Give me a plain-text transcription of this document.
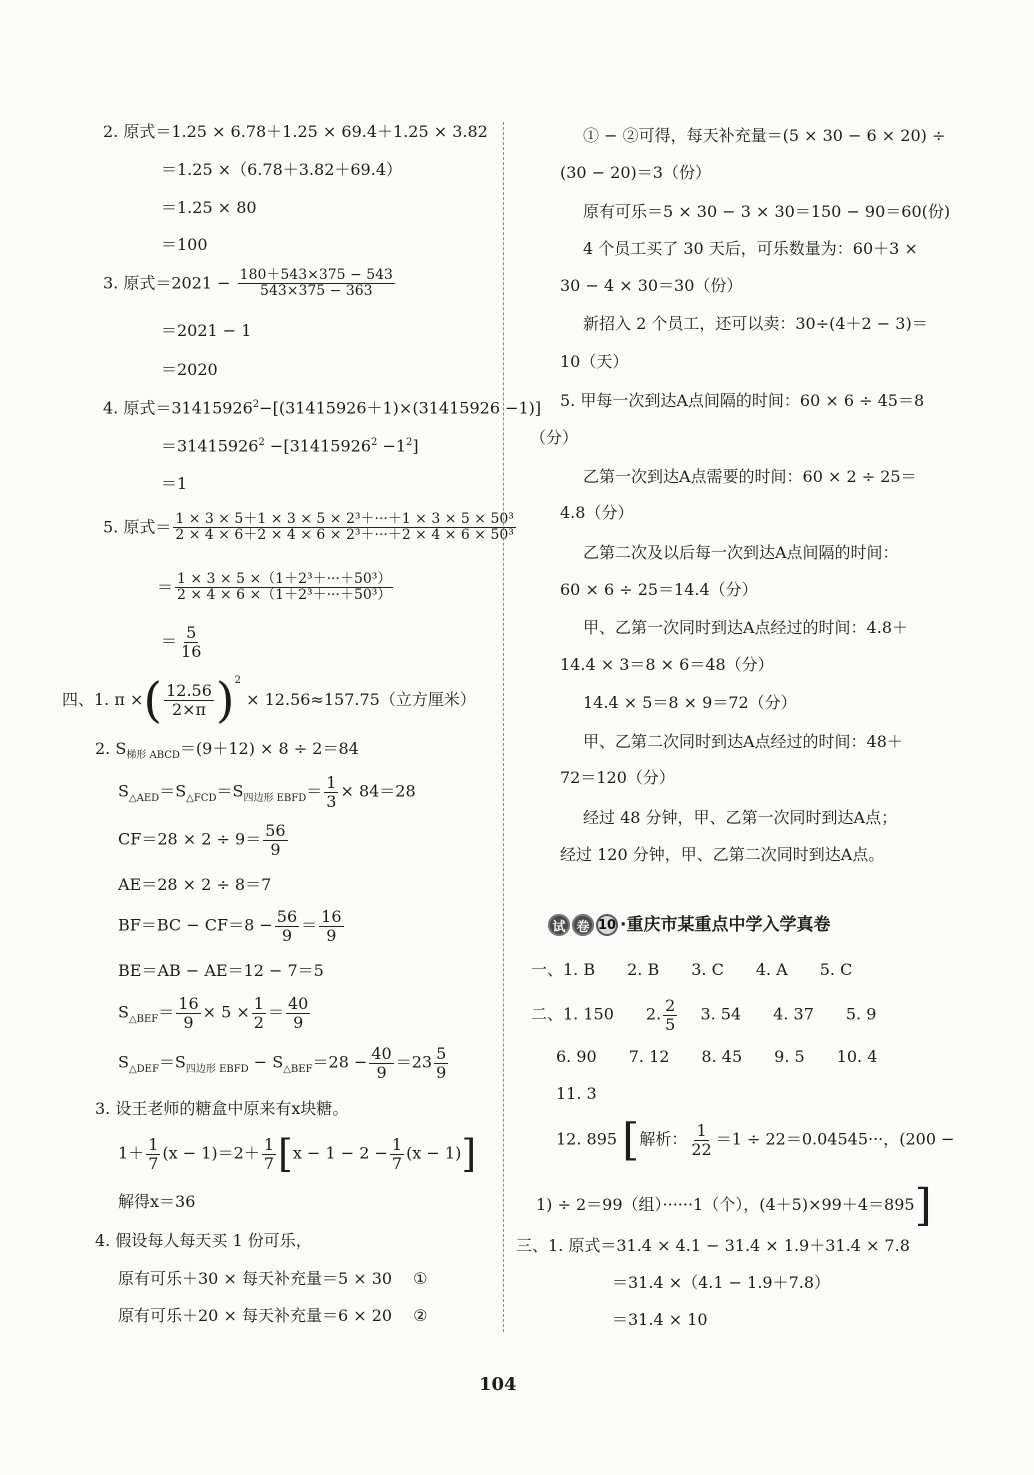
2. 原式＝1.25 × 6.78＋1.25 × 69.4＋1.25 × 3.82
＝1.25 ×（6.78＋3.82＋69.4）
＝1.25 × 80
＝100
3. 原式$=2021 - \frac{180+543\times 375 - 543}{543\times 375 - 363}$
＝2021 − 1
＝2020
4. 原式$=31415926^2-[(31415926+1)\times(31415926 -1)]$
$=31415926^2 -[31415926^2 -1^2]$
＝1
5. 原式＝ $\frac{\text{1 × 3 × 5＋1 × 3 × 5 × 2³＋···＋1 × 3 × 5 × 50³}}{\text{2 × 4 × 6＋2 × 4 × 6 × 2³＋···＋2 × 4 × 6 × 50³}}$
＝ $\frac{\text{1 × 3 × 5 ×（1＋2³＋···＋50³）}}{\text{2 × 4 × 6 ×（1＋2³＋···＋50³）}}$
＝ $\frac{5}{16}$
四、1. π ×( $\frac{12.56}{2\times\pi} )^2 \times 12.56\approx 157.75$（立方厘米）
2. $S_{梯形 ABCD}=(9+12) \times 8 \div 2=84$
$S_{\triangle AED}=S_{\triangle FCD}=S_{四边形 EBFD}= \frac{1}{3} \times 84=28$
$CF=28 \times 2 \div 9= \frac{56}{9}$
AE＝28 × 2 ÷ 8＝7
$BF=BC - CF=8 - \frac{56}{9} = \frac{16}{9}$
BE＝AB − AE＝12 − 7＝5
$S_{\triangle BEF}= \frac{16}{9} \times 5 \times \frac{1}{2} = \frac{40}{9}$
$S_{\triangle DEF}=S_{四边形 EBFD} - S_{\triangle BEF}=28 - \frac{40}{9} =23 \frac{5}{9}$
3. 设王老师的糖盒中原来有x块糖。
$1+ \frac{1}{7} (x - 1)=2+ \frac{1}{7} [x - 1 - 2 - \frac{1}{7} (x - 1)]$
解得x＝36
4. 假设每人每天买 1 份可乐，
原有可乐＋30 × 每天补充量＝5 × 30 ①
原有可乐＋20 × 每天补充量＝6 × 20 ②
① − ②可得，每天补充量＝(5 × 30 − 6 × 20) ÷
(30 − 20)＝3（份）
原有可乐＝5 × 30 − 3 × 30＝150 − 90＝60(份)
4 个员工买了 30 天后，可乐数量为：60＋3 ×
30 − 4 × 30＝30（份）
新招入 2 个员工，还可以卖：30÷(4＋2 − 3)＝
10（天）
5. 甲每一次到达A点间隔的时间：60 × 6 ÷ 45＝8
（分）
乙第一次到达A点需要的时间：60 × 2 ÷ 25＝
4.8（分）
乙第二次及以后每一次到达A点间隔的时间：
60 × 6 ÷ 25＝14.4（分）
甲、乙第一次同时到达A点经过的时间：4.8＋
14.4 × 3＝8 × 6＝48（分）
14.4 × 5＝8 × 9＝72（分）
甲、乙第二次同时到达A点经过的时间：48＋
72＝120（分）
经过 48 分钟，甲、乙第一次同时到达A点；
经过 120 分钟，甲、乙第二次同时到达A点。
一、1. B　　2. B　　3. C　　4. A　　5. C
二、1. 150　　2. $\frac{2}{5}$ 　 3. 54　　4. 37　　5. 9
6. 90　　7. 12　　8. 45　　9. 5　　10. 4
11. 3
12. 895 [解析： $\frac{1}{22} =1 \div 22=0.04545\cdot\cdot\cdot$，(200 −
1) ÷ 2＝99（组）······1（个），(4＋5)×99＋4＝895]
三、1. 原式＝31.4 × 4.1 − 31.4 × 1.9＋31.4 × 7.8
＝31.4 ×（4.1 − 1.9＋7.8）
＝31.4 × 10
试 卷 10 ·重庆市某重点中学入学真卷
104
